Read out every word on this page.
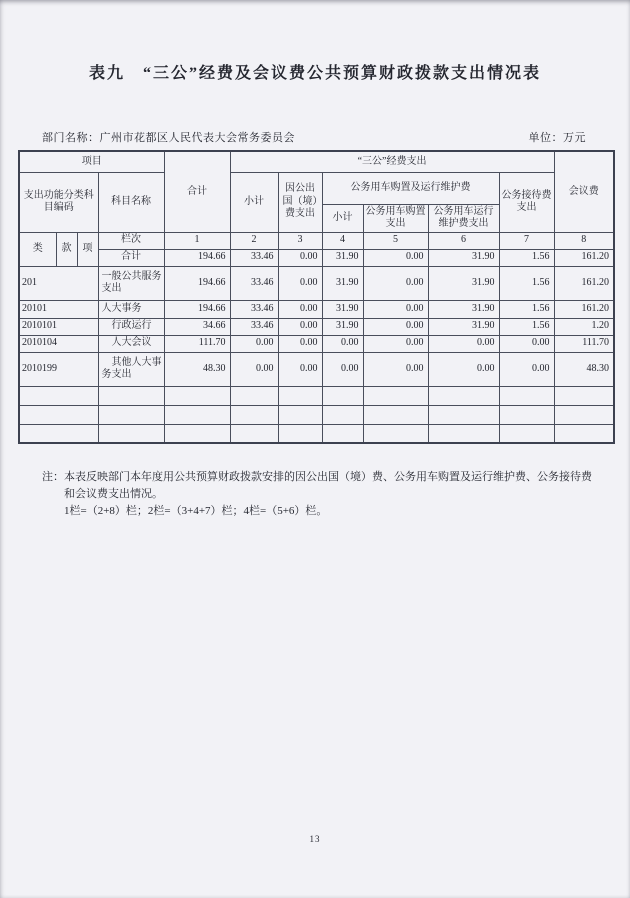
表九　“三公”经费及会议费公共预算财政拨款支出情况表
部门名称：广州市花都区人民代表大会常务委员会	单位：万元
项目				合计	“三公”经费支出						会议费
支出功能分类科目编码			科目名称		小计	因公出国（境）费支出	公务用车购置及运行维护费			公务接待费支出	
							小计	公务用车购置支出	公务用车运行维护费支出		
类	款	项	栏次	1	2	3	4	5	6	7	8
			合计	194.66	33.46	0.00	31.90	0.00	31.90	1.56	161.20
201			一般公共服务支出	194.66	33.46	0.00	31.90	0.00	31.90	1.56	161.20
20101			人大事务	194.66	33.46	0.00	31.90	0.00	31.90	1.56	161.20
2010101			行政运行	34.66	33.46	0.00	31.90	0.00	31.90	1.56	1.20
2010104			人大会议	111.70	0.00	0.00	0.00	0.00	0.00	0.00	111.70
2010199			其他人大事务支出	48.30	0.00	0.00	0.00	0.00	0.00	0.00	48.30

注： 本表反映部门本年度用公共预算财政拨款安排的因公出国（境）费、公务用车购置及运行维护费、公务接待费和会议费支出情况。

1栏=（2+8）栏；2栏=（3+4+7）栏；4栏=（5+6）栏。

13
